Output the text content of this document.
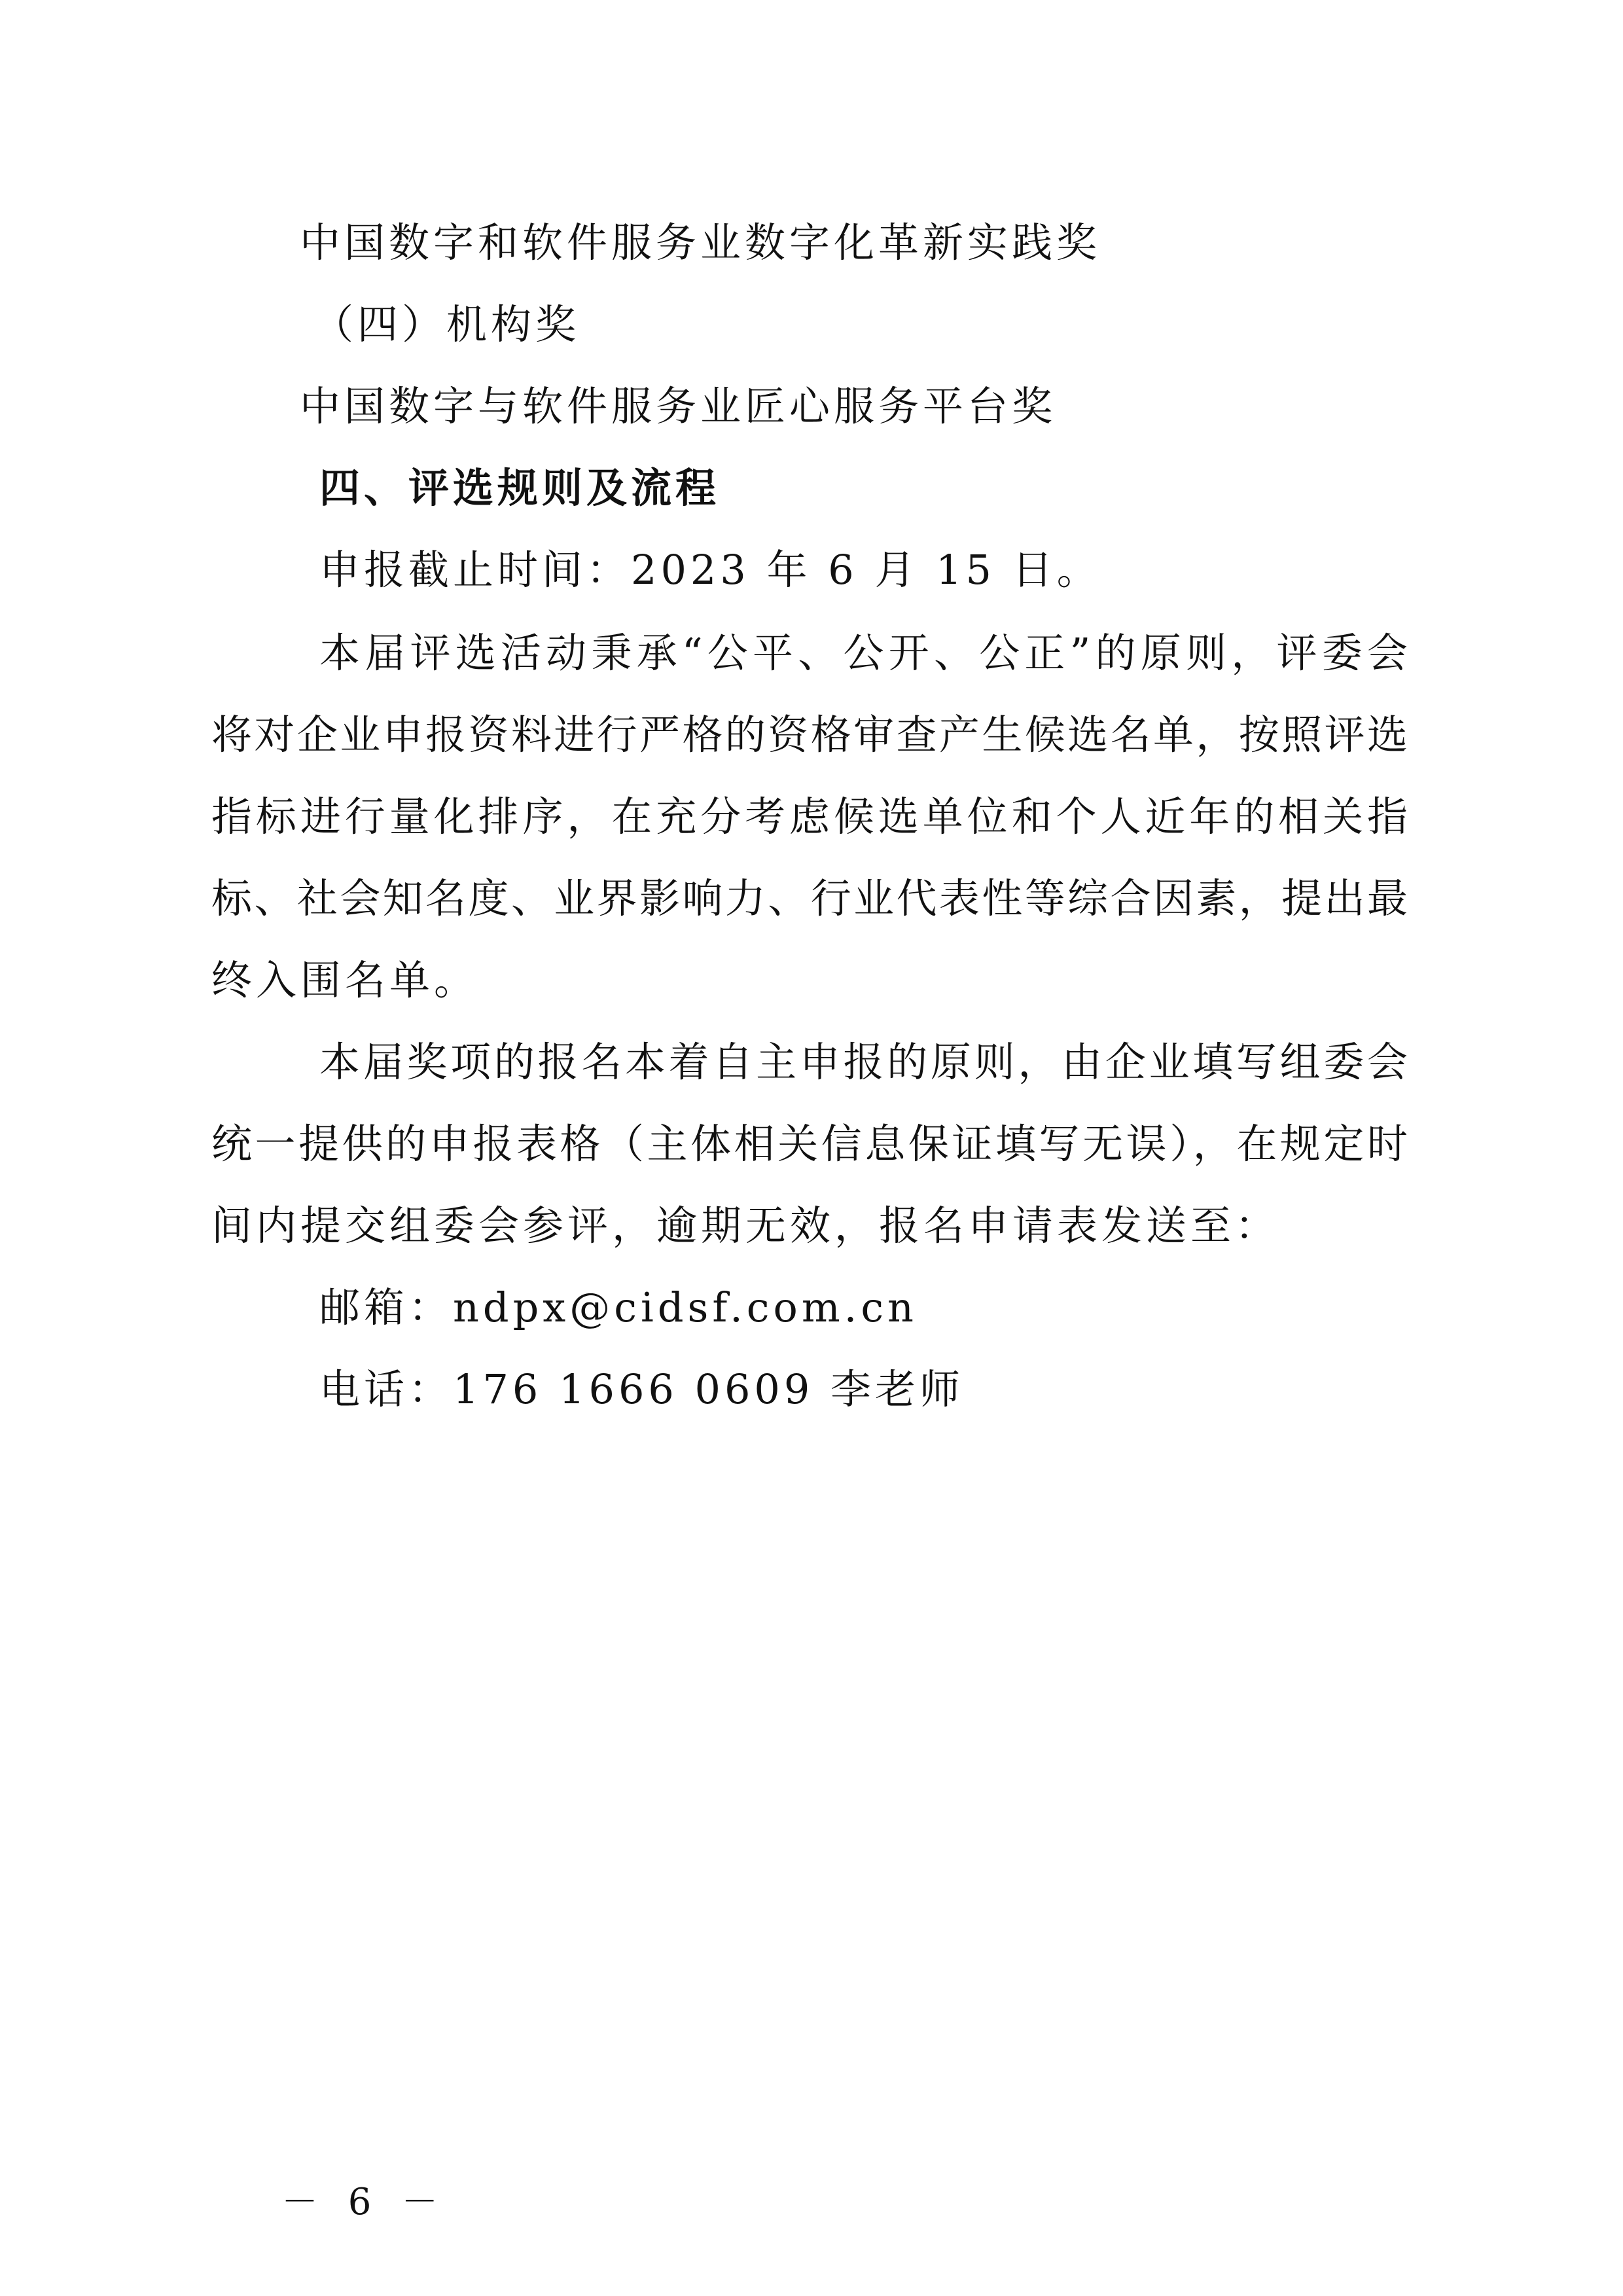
中国数字和软件服务业数字化革新实践奖
（四）机构奖
中国数字与软件服务业匠心服务平台奖
四、评选规则及流程
申报截止时间：2023 年 6 月 15 日。
本届评选活动秉承“公平、公开、公正”的原则，评委会
将对企业申报资料进行严格的资格审查产生候选名单，按照评选
指标进行量化排序，在充分考虑候选单位和个人近年的相关指
标、社会知名度、业界影响力、行业代表性等综合因素，提出最
终入围名单。
本届奖项的报名本着自主申报的原则，由企业填写组委会
统一提供的申报表格（主体相关信息保证填写无误），在规定时
间内提交组委会参评，逾期无效，报名申请表发送至：
邮箱：ndpx@cidsf.com.cn
电话：176 1666 0609 李老师
－ 6 －
